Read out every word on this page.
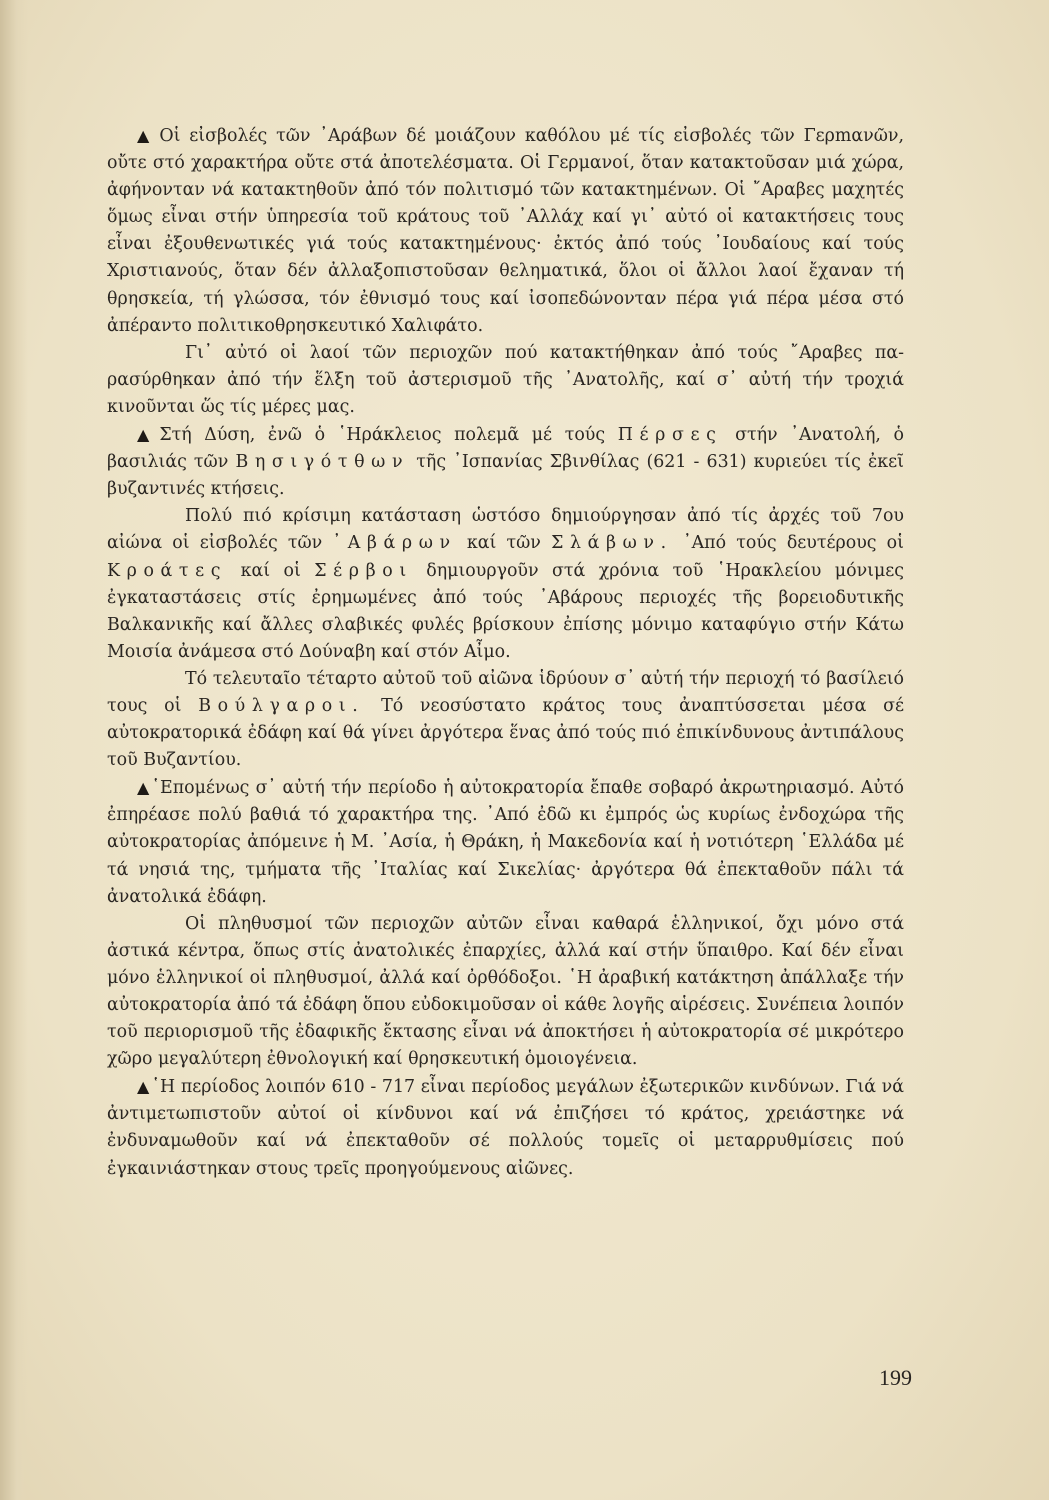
▲ Οἱ εἰσβολές τῶν ᾿Αράβων δέ μοιάζουν καθόλου μέ τίς εἰσβολές τῶν Γερmανῶν, οὔτε στό χαρακτήρα οὔτε στά ἀποτελέσματα. Οἱ Γερμανοί, ὅταν κατακτοῦσαν μιά χώρα, ἀφήνονταν νά κατακτηθοῦν ἀπό τόν πολιτισμό τῶν κατακτημένων. Οἱ ῎Αραβες μαχητές ὅμως εἶναι στήν ὑπηρεσία τοῦ κράτους τοῦ ᾿Αλλάχ καί γι᾿ αὐτό οἱ κατακτήσεις τους εἶναι ἐξουθενωτικές γιά τούς κατακτημένους· ἐκτός ἀπό τούς ᾿Ιουδαίους καί τούς Χριστιανούς, ὅταν δέν ἀλλαξοπιστοῦσαν θεληματικά, ὅλοι οἱ ἄλλοι λαοί ἔχαναν τή θρησκεία, τή γλώσσα, τόν ἐθνισμό τους καί ἰσοπεδώνονταν πέρα γιά πέρα μέσα στό ἀπέραντο πολιτικοθρησκευτικό Χαλιφάτο.

Γι᾿ αὐτό οἱ λαοί τῶν περιοχῶν πού κατακτήθηκαν ἀπό τούς ῎Αραβες παρασύρθηκαν ἀπό τήν ἕλξη τοῦ ἀστερισμοῦ τῆς ᾿Ανατολῆς, καί σ᾿ αὐτή τήν τροχιά κινοῦνται ὥς τίς μέρες μας.

▲ Στή Δύση, ἐνῶ ὁ ῾Ηράκλειος πολεμᾶ μέ τούς Πέρσες στήν ᾿Ανατολή, ὁ βασιλιάς τῶν Βησιγότθων τῆς ᾿Ισπανίας Σβινθίλας (621 - 631) κυριεύει τίς ἐκεῖ βυζαντινές κτήσεις.

Πολύ πιό κρίσιμη κατάσταση ὡστόσο δημιούργησαν ἀπό τίς ἀρχές τοῦ 7ου αἰώνα οἱ εἰσβολές τῶν ᾿Αβάρων καί τῶν Σλάβων. ᾿Από τούς δευτέρους οἱ Κροάτες καί οἱ Σέρβοι δημιουργοῦν στά χρόνια τοῦ ῾Ηρακλείου μόνιμες ἐγκαταστάσεις στίς ἐρημωμένες ἀπό τούς ᾿Αβάρους περιοχές τῆς βορειοδυτικῆς Βαλκανικῆς καί ἄλλες σλαβικές φυλές βρίσκουν ἐπίσης μόνιμο καταφύγιο στήν Κάτω Μοισία ἀνάμεσα στό Δούναβη καί στόν Αἶμο.

Τό τελευταῖο τέταρτο αὐτοῦ τοῦ αἰῶνα ἱδρύουν σ᾿ αὐτή τήν περιοχή τό βασίλειό τους οἱ Βούλγαροι. Τό νεοσύστατο κράτος τους ἀναπτύσσεται μέσα σέ αὐτοκρατορικά ἐδάφη καί θά γίνει ἀργότερα ἕνας ἀπό τούς πιό ἐπικίνδυνους ἀντιπάλους τοῦ Βυζαντίου.

▲ ῾Επομένως σ᾿ αὐτή τήν περίοδο ἡ αὐτοκρατορία ἔπαθε σοβαρό ἀκρωτηριασμό. Αὐτό ἐπηρέασε πολύ βαθιά τό χαρακτήρα της. ᾿Από ἐδῶ κι ἐμπρός ὡς κυρίως ἐνδοχώρα τῆς αὐτοκρατορίας ἀπόμεινε ἡ Μ. ᾿Ασία, ἡ Θράκη, ἡ Μακεδονία καί ἡ νοτιότερη ῾Ελλάδα μέ τά νησιά της, τμήματα τῆς ᾿Ιταλίας καί Σικελίας· ἀργότερα θά ἐπεκταθοῦν πάλι τά ἀνατολικά ἐδάφη.

Οἱ πληθυσμοί τῶν περιοχῶν αὐτῶν εἶναι καθαρά ἑλληνικοί, ὄχι μόνο στά ἀστικά κέντρα, ὅπως στίς ἀνατολικές ἐπαρχίες, ἀλλά καί στήν ὕπαιθρο. Καί δέν εἶναι μόνο ἑλληνικοί οἱ πληθυσμοί, ἀλλά καί ὀρθόδοξοι. ῾Η ἀραβική κατάκτηση ἀπάλλαξε τήν αὐτοκρατορία ἀπό τά ἐδάφη ὅπου εὐδοκιμοῦσαν οἱ κάθε λογῆς αἱρέσεις. Συνέπεια λοιπόν τοῦ περιορισμοῦ τῆς ἐδαφικῆς ἔκτασης εἶναι νά ἀποκτήσει ἡ αὐτοκρατορία σέ μικρότερο χῶρο μεγαλύτερη ἐθνολογική καί θρησκευτική ὁμοιογένεια.

▲ ῾Η περίοδος λοιπόν 610 - 717 εἶναι περίοδος μεγάλων ἐξωτερικῶν κινδύνων. Γιά νά ἀντιμετωπιστοῦν αὐτοί οἱ κίνδυνοι καί νά ἐπιζήσει τό κράτος, χρειάστηκε νά ἐνδυναμωθοῦν καί νά ἐπεκταθοῦν σέ πολλούς τομεῖς οἱ μεταρρυθμίσεις πού ἐγκαινιάστηκαν στους τρεῖς προηγούμενους αἰῶνες.

199
